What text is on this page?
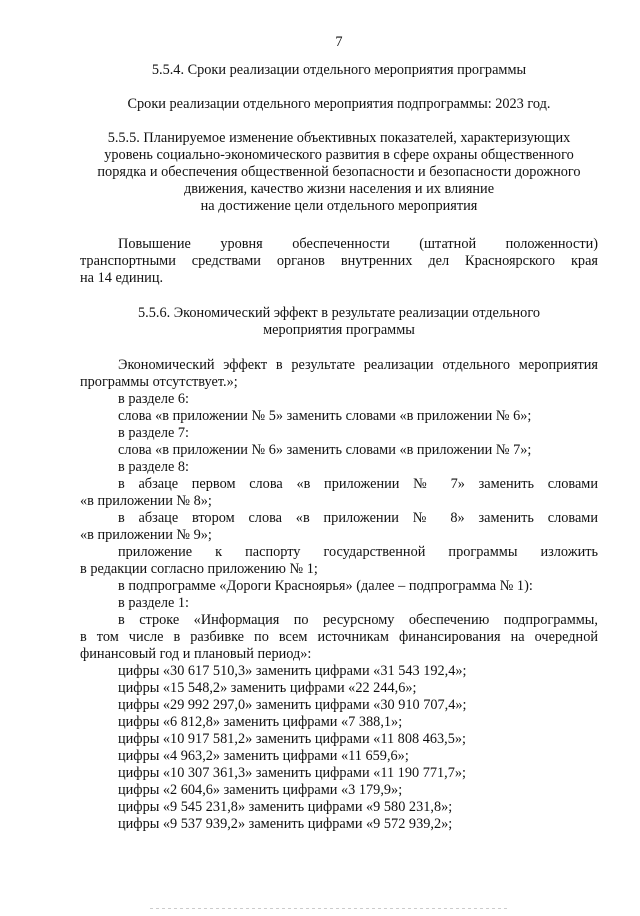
7
5.5.4. Сроки реализации отдельного мероприятия программы
Сроки реализации отдельного мероприятия подпрограммы: 2023 год.
5.5.5. Планируемое изменение объективных показателей, характеризующих
уровень социально-экономического развития в сфере охраны общественного
порядка и обеспечения общественной безопасности и безопасности дорожного
движения, качество жизни населения и их влияние
на достижение цели отдельного мероприятия
Повышение уровня обеспеченности (штатной положенности)
транспортными средствами органов внутренних дел Красноярского края
на 14 единиц.
5.5.6. Экономический эффект в результате реализации отдельного
мероприятия программы
Экономический эффект в результате реализации отдельного мероприятия
программы отсутствует.»;
в разделе 6:
слова «в приложении № 5» заменить словами «в приложении № 6»;
в разделе 7:
слова «в приложении № 6» заменить словами «в приложении № 7»;
в разделе 8:
в абзаце первом слова «в приложении № 7» заменить словами
«в приложении № 8»;
в абзаце втором слова «в приложении № 8» заменить словами
«в приложении № 9»;
приложение к паспорту государственной программы изложить
в редакции согласно приложению № 1;
в подпрограмме «Дороги Красноярья» (далее – подпрограмма № 1):
в разделе 1:
в строке «Информация по ресурсному обеспечению подпрограммы,
в том числе в разбивке по всем источникам финансирования на очередной
финансовый год и плановый период»:
цифры «30 617 510,3» заменить цифрами «31 543 192,4»;
цифры «15 548,2» заменить цифрами «22 244,6»;
цифры «29 992 297,0» заменить цифрами «30 910 707,4»;
цифры «6 812,8» заменить цифрами «7 388,1»;
цифры «10 917 581,2» заменить цифрами «11 808 463,5»;
цифры «4 963,2» заменить цифрами «11 659,6»;
цифры «10 307 361,3» заменить цифрами «11 190 771,7»;
цифры «2 604,6» заменить цифрами «3 179,9»;
цифры «9 545 231,8» заменить цифрами «9 580 231,8»;
цифры «9 537 939,2» заменить цифрами «9 572 939,2»;
